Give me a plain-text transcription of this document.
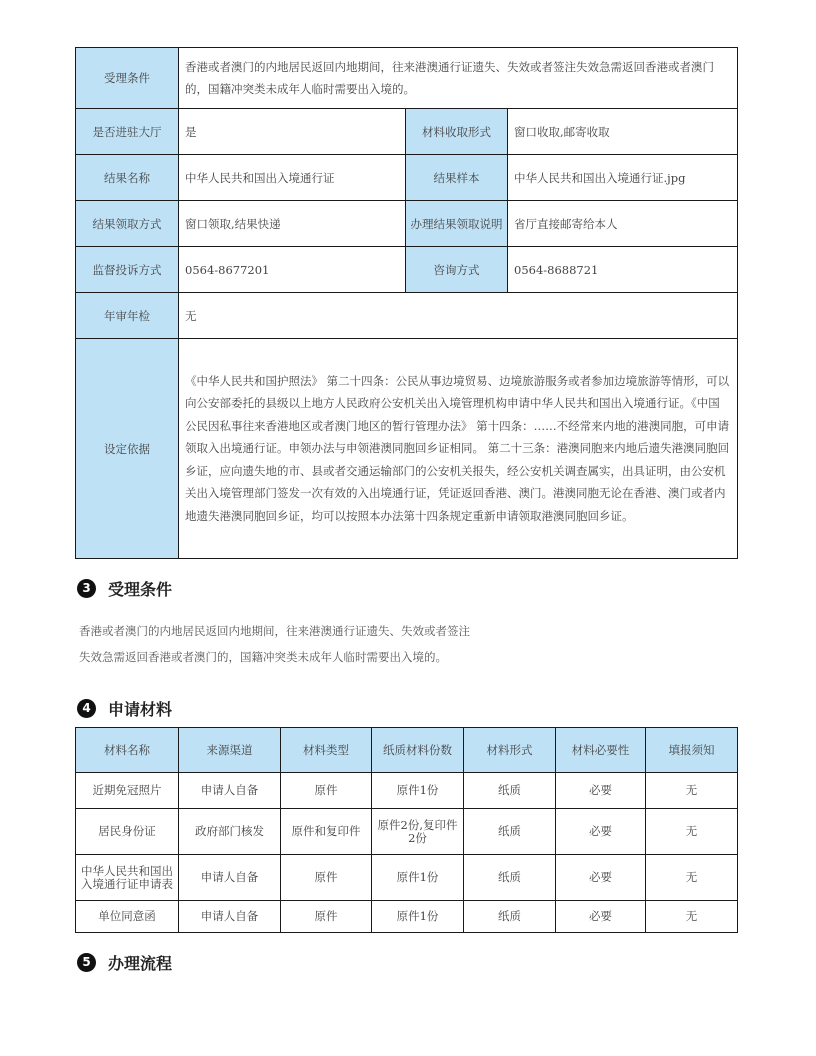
受理条件	香港或者澳门的内地居民返回内地期间，往来港澳通行证遗失、失效或者签注失效急需返回香港或者澳门的，国籍冲突类未成年人临时需要出入境的。		
是否进驻大厅	是	材料收取形式	窗口收取,邮寄收取
结果名称	中华人民共和国出入境通行证	结果样本	中华人民共和国出入境通行证.jpg
结果领取方式	窗口领取,结果快递	办理结果领取说明	省厅直接邮寄给本人
监督投诉方式	0564-8677201	咨询方式	0564-8688721
年审年检	无		
设定依据	《中华人民共和国护照法》 第二十四条：公民从事边境贸易、边境旅游服务或者参加边境旅游等情形，可以向公安部委托的县级以上地方人民政府公安机关出入境管理机构申请中华人民共和国出入境通行证。《中国公民因私事往来香港地区或者澳门地区的暂行管理办法》 第十四条：……不经常来内地的港澳同胞，可申请领取入出境通行证。申领办法与申领港澳同胞回乡证相同。 第二十三条：港澳同胞来内地后遗失港澳同胞回乡证，应向遗失地的市、县或者交通运输部门的公安机关报失，经公安机关调查属实，出具证明，由公安机关出入境管理部门签发一次有效的入出境通行证，凭证返回香港、澳门。港澳同胞无论在香港、澳门或者内地遗失港澳同胞回乡证，均可以按照本办法第十四条规定重新申请领取港澳同胞回乡证。		
3	受理条件

香港或者澳门的内地居民返回内地期间，往来港澳通行证遗失、失效或者签注失效急需返回香港或者澳门的，国籍冲突类未成年人临时需要出入境的。

4	申请材料
材料名称	来源渠道	材料类型	纸质材料份数	材料形式	材料必要性	填报须知
近期免冠照片	申请人自备	原件	原件1份	纸质	必要	无
居民身份证	政府部门核发	原件和复印件	原件2份,复印件2份	纸质	必要	无
中华人民共和国出入境通行证申请表	申请人自备	原件	原件1份	纸质	必要	无
单位同意函	申请人自备	原件	原件1份	纸质	必要	无
5	办理流程
